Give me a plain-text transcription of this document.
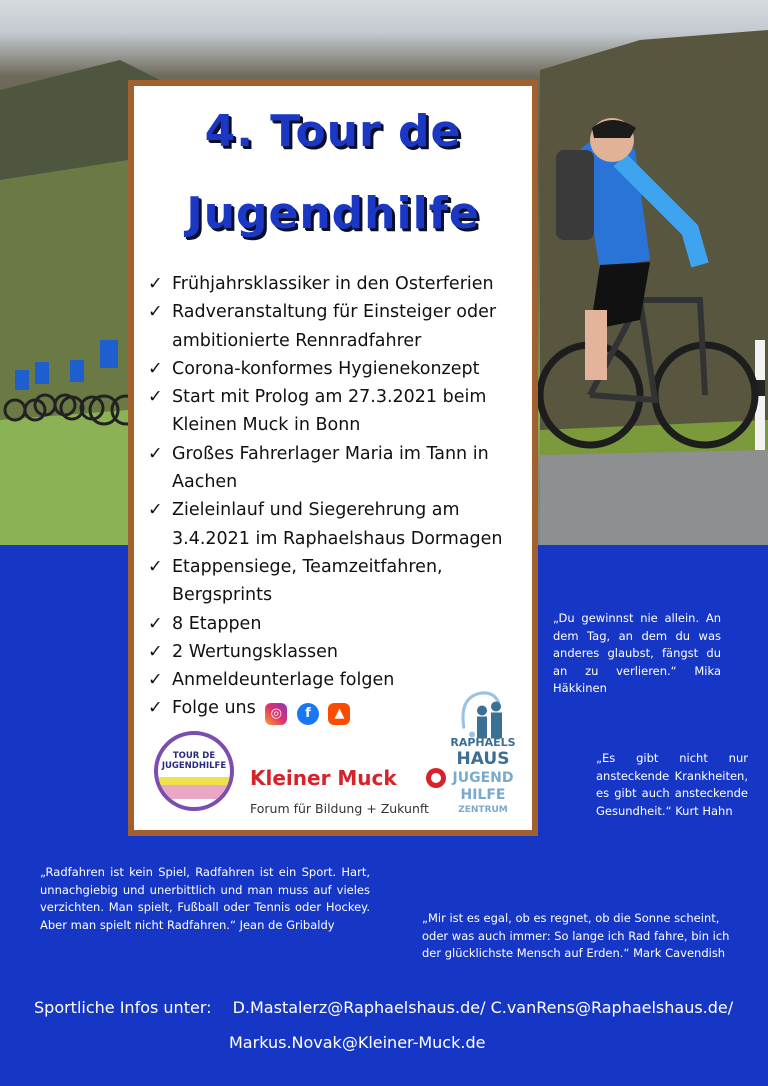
4. Tour de
Jugendhilfe
✓ Frühjahrsklassiker in den Osterferien
✓ Radveranstaltung für Einsteiger oder ambitionierte Rennradfahrer
✓ Corona-konformes Hygienekonzept
✓ Start mit Prolog am 27.3.2021 beim Kleinen Muck in Bonn
✓ Großes Fahrerlager Maria im Tann in Aachen
✓ Zieleinlauf und Siegerehrung am 3.4.2021 im Raphaelshaus Dormagen
✓ Etappensiege, Teamzeitfahren, Bergsprints
✓ 8 Etappen
✓ 2 Wertungsklassen
✓ Anmeldeunterlage folgen
✓ Folge uns ◎ f ▲
TOUR DE
JUGENDHILFE Kleiner Muck
Forum für Bildung + Zukunft
RAPHAELS
HAUS
JUGEND
HILFE
ZENTRUM
„Du gewinnst nie allein. An dem Tag, an dem du was anderes glaubst, fängst du an zu verlieren.“ Mika Häkkinen
„Es gibt nicht nur ansteckende Krankheiten, es gibt auch ansteckende Gesundheit.“ Kurt Hahn
„Radfahren ist kein Spiel, Radfahren ist ein Sport. Hart, unnachgiebig und unerbittlich und man muss auf vieles verzichten. Man spielt, Fußball oder Tennis oder Hockey. Aber man spielt nicht Radfahren.“ Jean de Gribaldy	„Mir ist es egal, ob es regnet, ob die Sonne scheint, oder was auch immer: So lange ich Rad fahre, bin ich der glücklichste Mensch auf Erden.“ Mark Cavendish
Sportliche Infos unter: D.Mastalerz@Raphaelshaus.de/ C.vanRens@Raphaelshaus.de/
Markus.Novak@Kleiner-Muck.de
